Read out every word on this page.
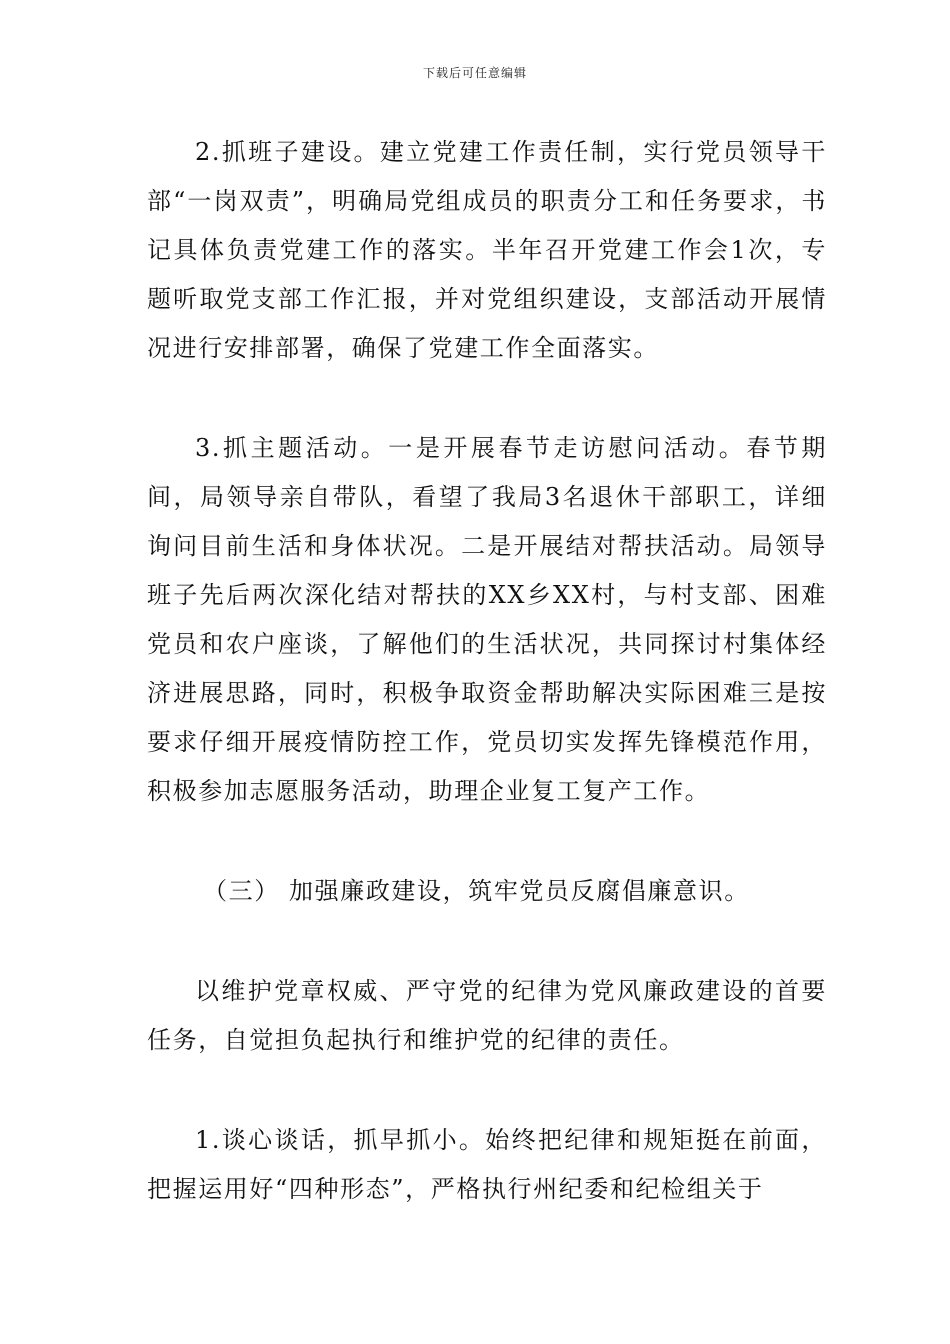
下载后可任意编辑

2.抓班子建设。建立党建工作责任制，实行党员领导干部“一岗双责”，明确局党组成员的职责分工和任务要求，书记具体负责党建工作的落实。半年召开党建工作会1次，专题听取党支部工作汇报，并对党组织建设，支部活动开展情况进行安排部署，确保了党建工作全面落实。

3.抓主题活动。一是开展春节走访慰问活动。春节期间，局领导亲自带队，看望了我局3名退休干部职工，详细询问目前生活和身体状况。二是开展结对帮扶活动。局领导班子先后两次深化结对帮扶的XX乡XX村，与村支部、困难党员和农户座谈，了解他们的生活状况，共同探讨村集体经济进展思路，同时，积极争取资金帮助解决实际困难三是按要求仔细开展疫情防控工作，党员切实发挥先锋模范作用，积极参加志愿服务活动，助理企业复工复产工作。

（三） 加强廉政建设，筑牢党员反腐倡廉意识。

以维护党章权威、严守党的纪律为党风廉政建设的首要任务，自觉担负起执行和维护党的纪律的责任。

1.谈心谈话，抓早抓小。始终把纪律和规矩挺在前面，把握运用好“四种形态”，严格执行州纪委和纪检组关于
